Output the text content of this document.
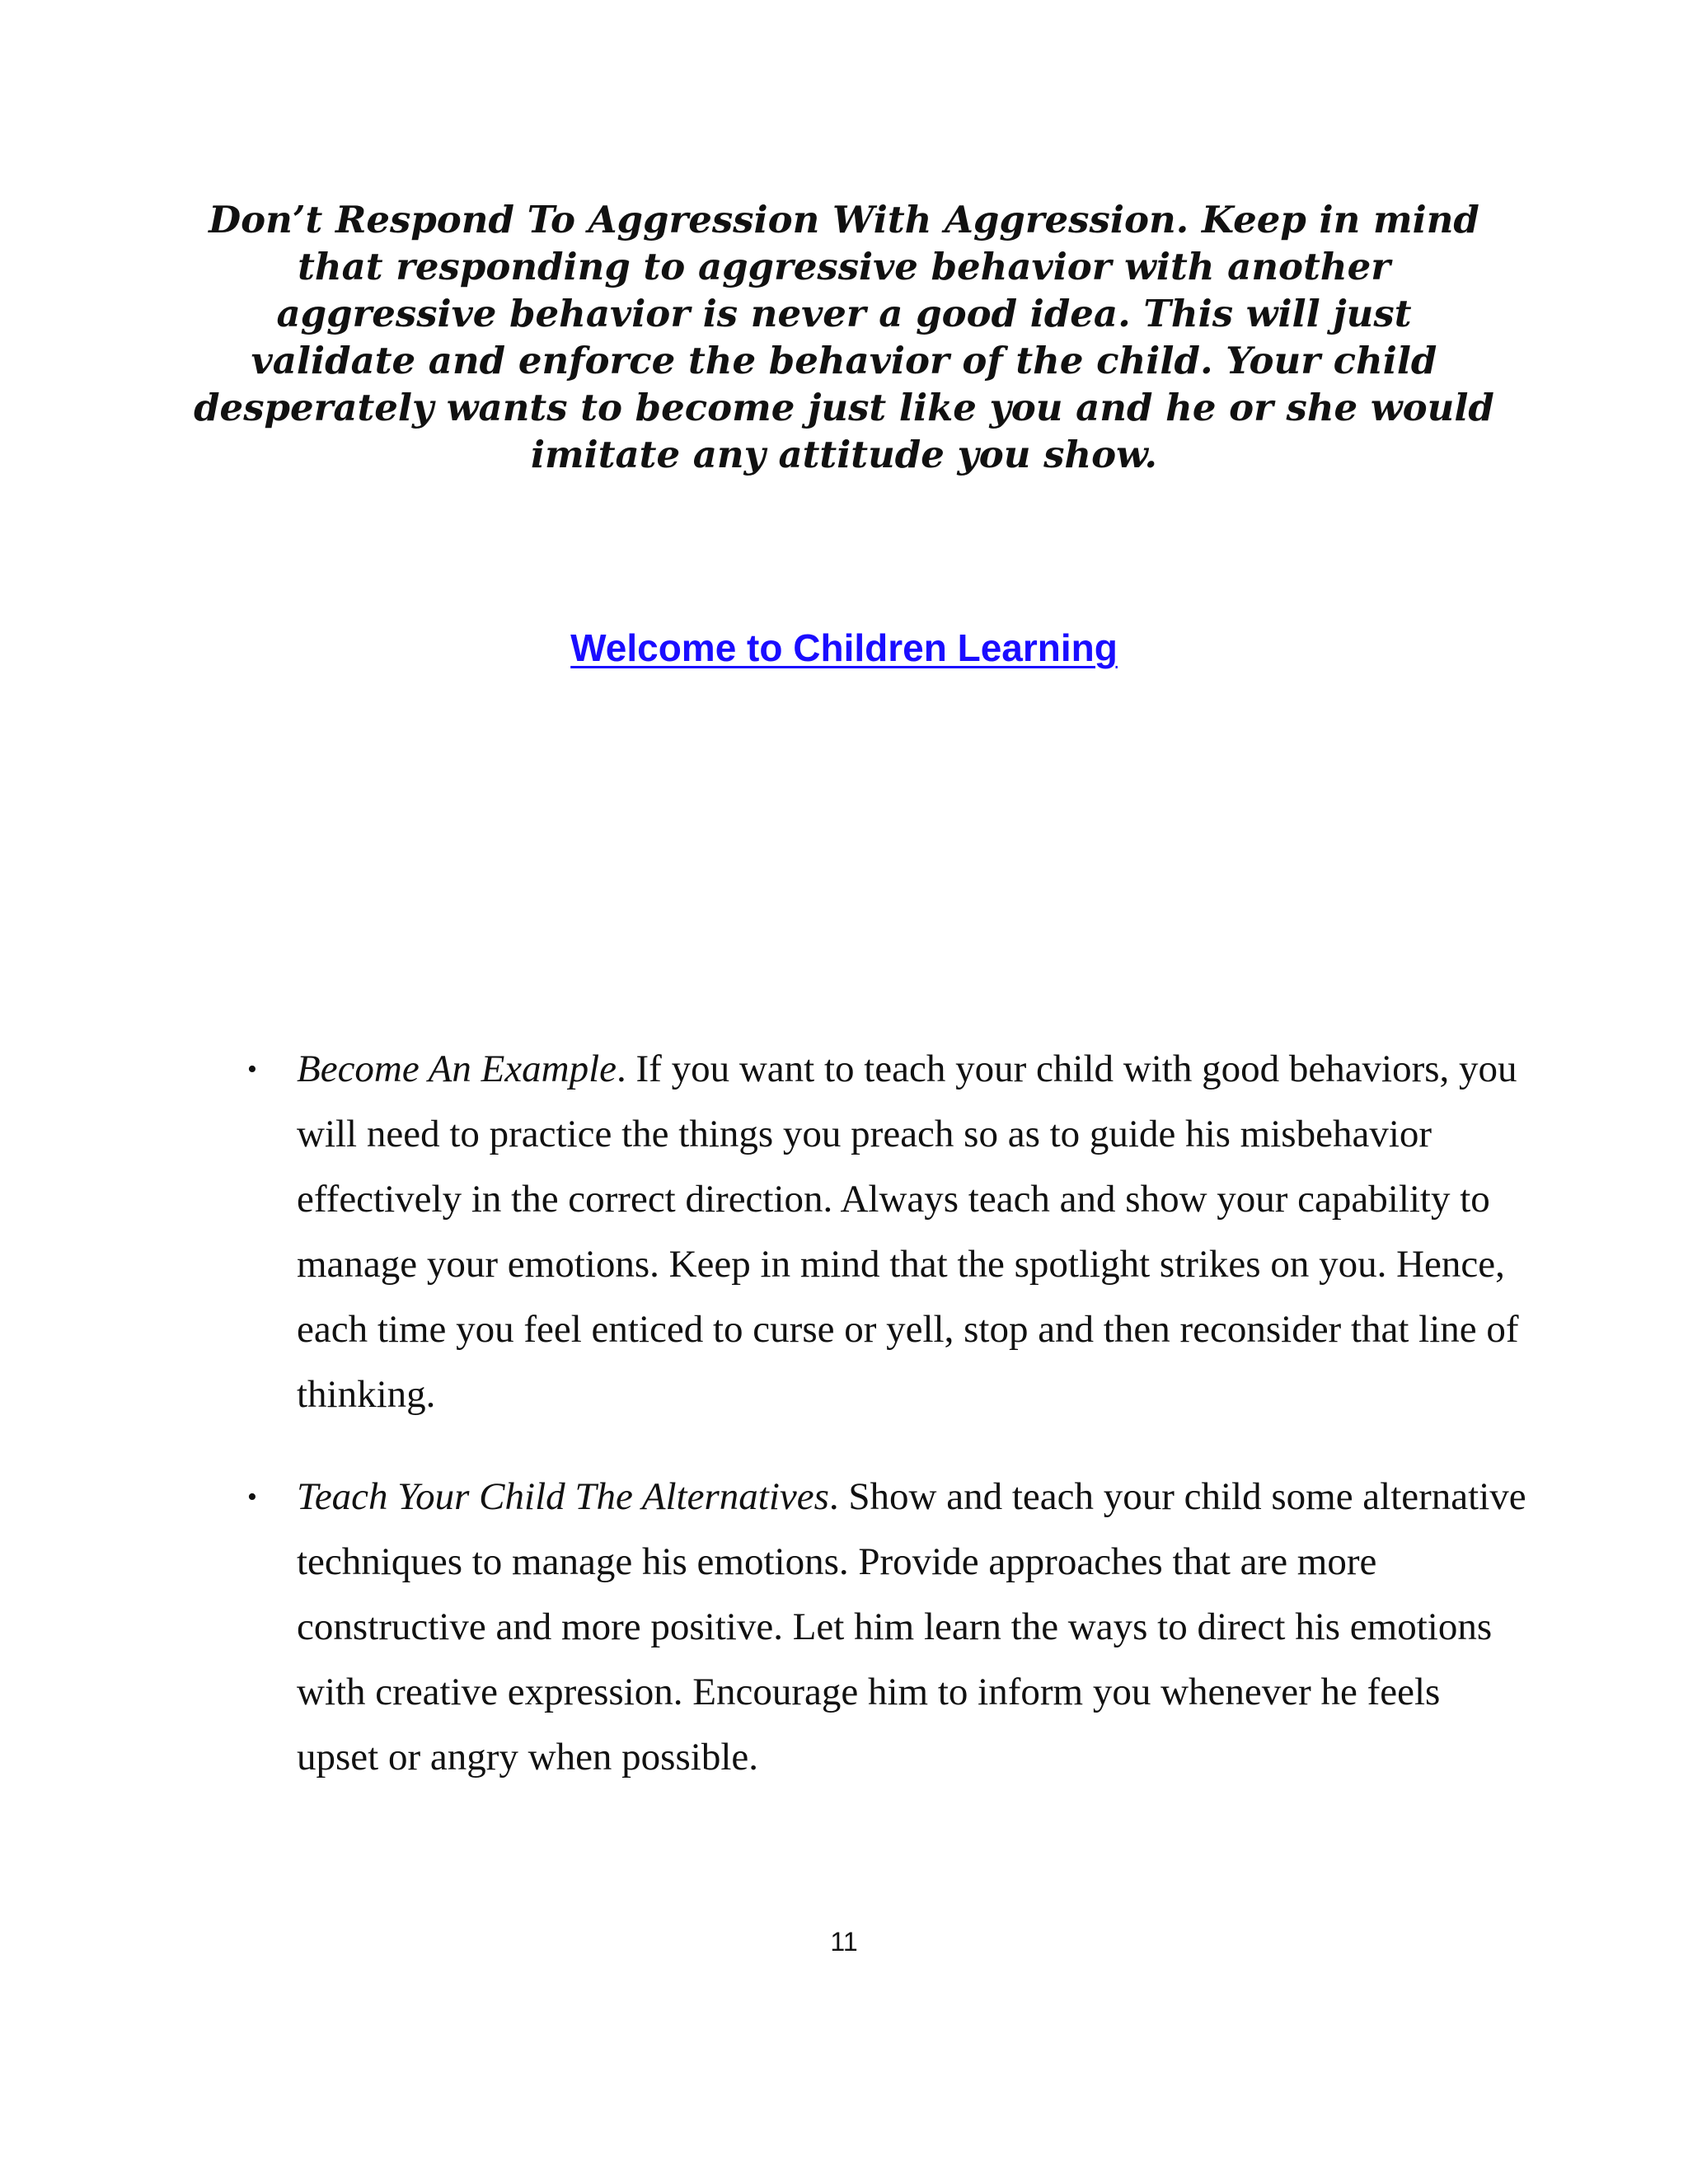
Don’t Respond To Aggression With Aggression. Keep in mind that responding to aggressive behavior with another aggressive behavior is never a good idea. This will just validate and enforce the behavior of the child. Your child desperately wants to become just like you and he or she would imitate any attitude you show.

Welcome to Children Learning
• Become An Example. If you want to teach your child with good behaviors, you will need to practice the things you preach so as to guide his misbehavior effectively in the correct direction. Always teach and show your capability to manage your emotions. Keep in mind that the spotlight strikes on you. Hence, each time you feel enticed to curse or yell, stop and then reconsider that line of thinking.
• Teach Your Child The Alternatives. Show and teach your child some alternative techniques to manage his emotions. Provide approaches that are more constructive and more positive. Let him learn the ways to direct his emotions with creative expression. Encourage him to inform you whenever he feels upset or angry when possible.
11
